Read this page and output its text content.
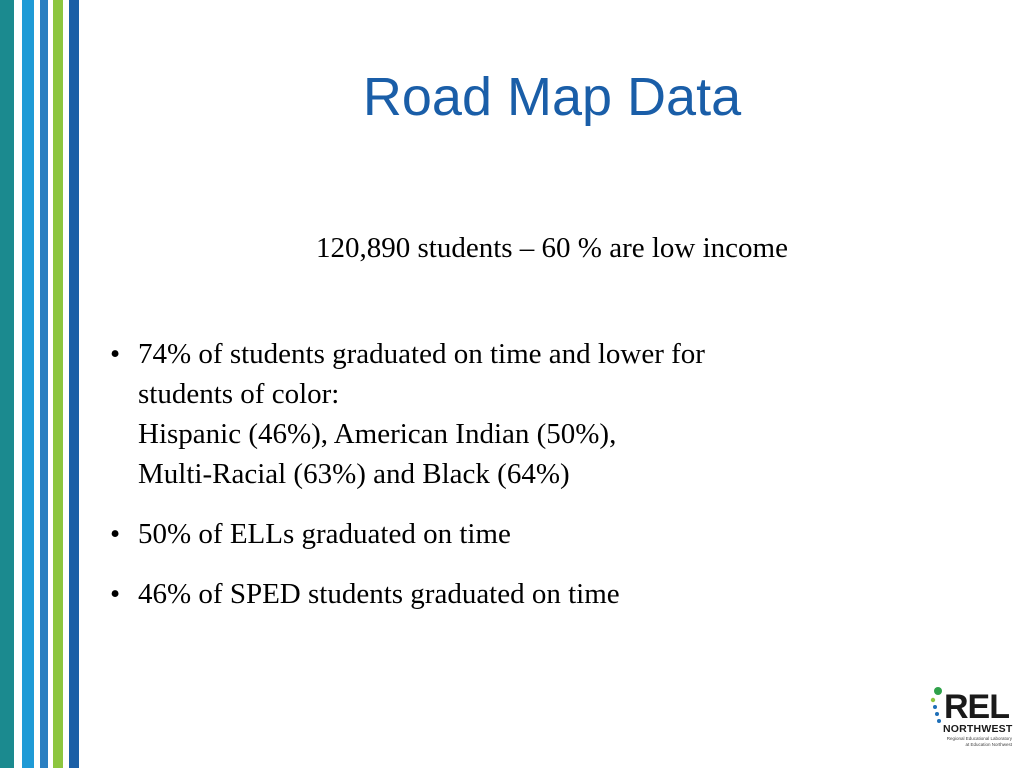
Road Map Data
120,890 students – 60 % are low income
• 74% of students graduated on time and lower for
students of color:
Hispanic (46%), American Indian (50%),
Multi-Racial (63%) and Black (64%)
• 50% of ELLs graduated on time
• 46% of SPED students graduated on time
REL
NORTHWEST
Regional Educational Laboratory
at Education Northwest
